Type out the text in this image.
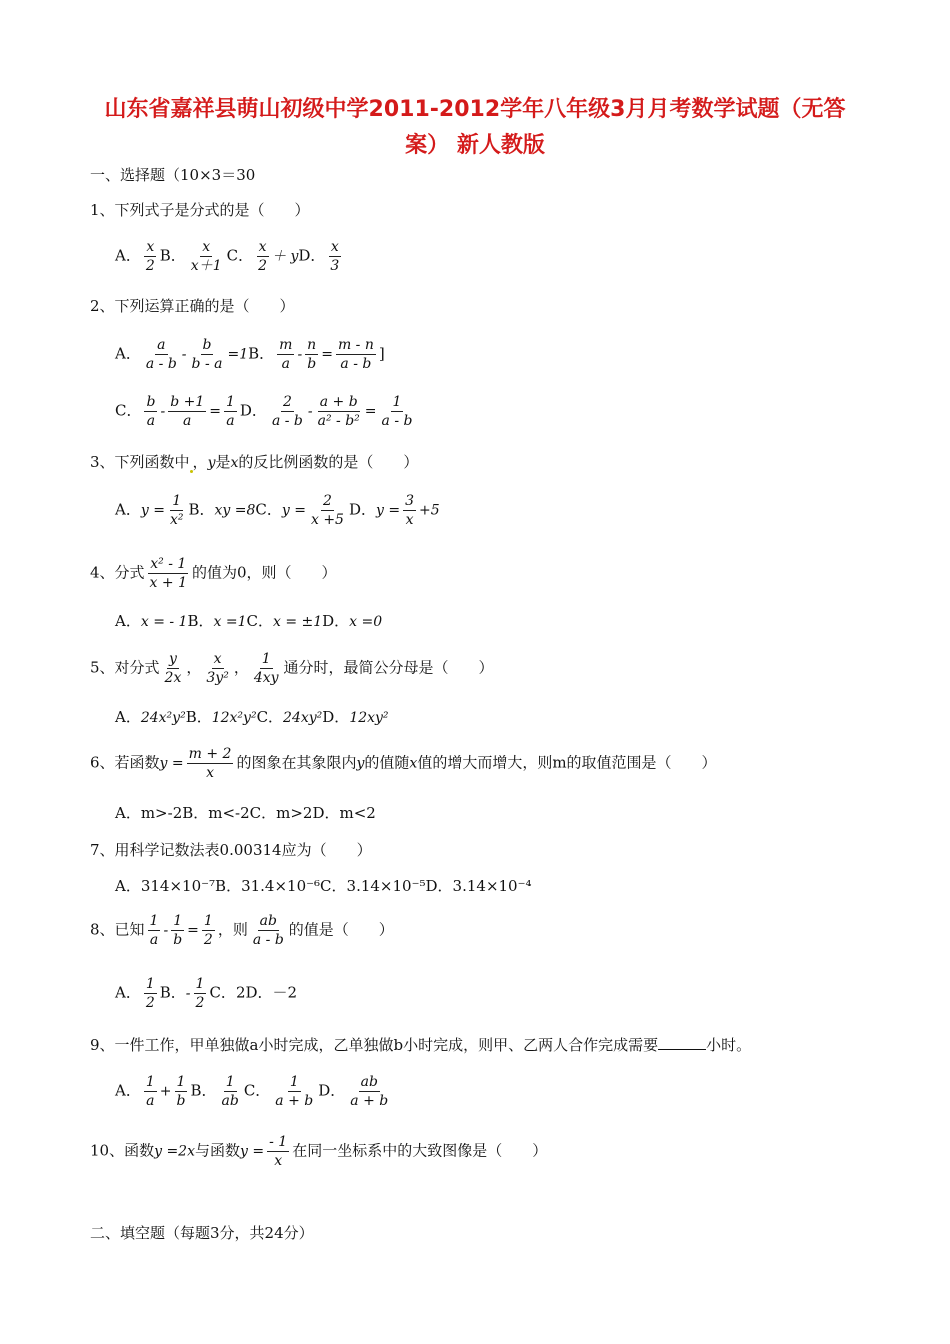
山东省嘉祥县萌山初级中学2011-2012学年八年级3月月考数学试题（无答案） 新人教版
一、选择题（10×3＝30
1、下列式子是分式的是（　　）
A． $\frac{x}{2}$ B． $\frac{x}{x+1}$ C． $\frac{x}{2}$ ＋ yD． $\frac{x}{3}$
2、下列运算正确的是（　　）
A． $\frac{a}{a - b} - \frac{b}{b - a} =1B$． $\frac{m}{a} - \frac{n}{b} = \frac{m - n}{a - b}$ ]
C． $\frac{b}{a} - \frac{b +1}{a} = \frac{1}{a}$ D． $\frac{2}{a - b} - \frac{a + b}{\text{a² - b²}} = \frac{1}{a - b}$
3、下列函数中 ，y是x的反比例函数的是（　　）
A．$y = \frac{1}{\text{x²}}$ B．xy =8C．$y = \frac{2}{x +5}$ D．$y = \frac{3}{x} +5$
4、分式 $\frac{\text{x² - 1}}{x + 1}$ 的值为0，则（　　）
A．x = - 1B．x =1C．x = ±1D．x =0
5、对分式 $\frac{y}{2x}$ ， $\frac{x}{\text{3y²}}$ ， $\frac{1}{4xy}$ 通分时，最简公分母是（　　）
A．24x²y²B．12x²y²C．24xy²D．12xy²
6、若函数$y = \frac{m + 2}{x}$ 的图象在其象限内y的值随x值的增大而增大，则m的取值范围是（　　）
A．m>-2B．m<-2C．m>2D．m<2
7、用科学记数法表0.00314应为（　　）
A．314×10⁻⁷B．31.4×10⁻⁶C．3.14×10⁻⁵D．3.14×10⁻⁴
8、已知 $\frac{1}{a} - \frac{1}{b} = \frac{1}{2}$ ，则 $\frac{ab}{a - b}$ 的值是（　　）
A． $\frac{1}{2}$ B．- $\frac{1}{2}$ C．2D．－2
9、一件工作，甲单独做a小时完成，乙单独做b小时完成，则甲、乙两人合作完成需要	小时。
A． $\frac{1}{a} + \frac{1}{b}$ B． $\frac{1}{ab}$ C． $\frac{1}{a + b}$ D． $\frac{ab}{a + b}$
10、函数y =2x与函数$y = \frac{- 1}{x}$ 在同一坐标系中的大致图像是（　　）
二、填空题（每题3分，共24分）
